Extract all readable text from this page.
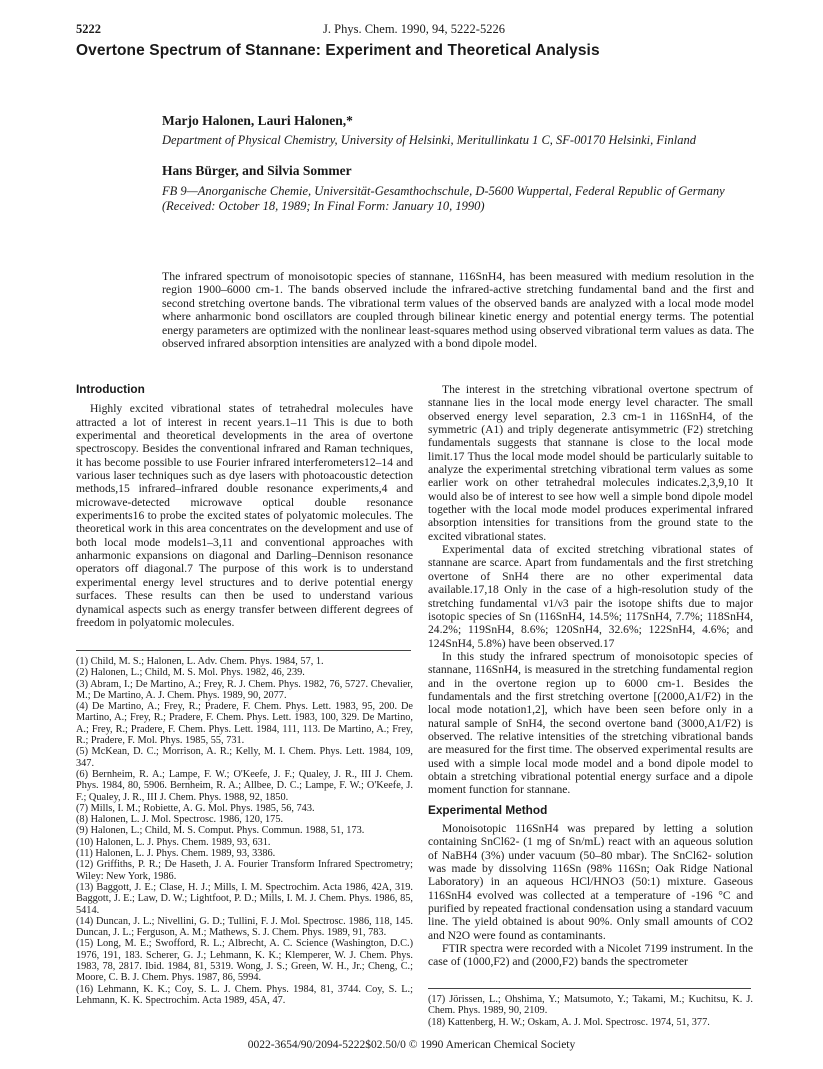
5222	J. Phys. Chem. 1990, 94, 5222-5226
Overtone Spectrum of Stannane: Experiment and Theoretical Analysis
Marjo Halonen, Lauri Halonen,*
Department of Physical Chemistry, University of Helsinki, Meritullinkatu 1 C, SF-00170 Helsinki, Finland
Hans Bürger, and Silvia Sommer
FB 9—Anorganische Chemie, Universität-Gesamthochschule, D-5600 Wuppertal, Federal Republic of Germany
(Received: October 18, 1989; In Final Form: January 10, 1990)
The infrared spectrum of monoisotopic species of stannane, 116SnH4, has been measured with medium resolution in the region 1900–6000 cm-1. The bands observed include the infrared-active stretching fundamental band and the first and second stretching overtone bands. The vibrational term values of the observed bands are analyzed with a local mode model where anharmonic bond oscillators are coupled through bilinear kinetic energy and potential energy terms. The potential energy parameters are optimized with the nonlinear least-squares method using observed vibrational term values as data. The observed infrared absorption intensities are analyzed with a bond dipole model.
Introduction

Highly excited vibrational states of tetrahedral molecules have attracted a lot of interest in recent years.1–11 This is due to both experimental and theoretical developments in the area of overtone spectroscopy. Besides the conventional infrared and Raman techniques, it has become possible to use Fourier infrared interferometers12–14 and various laser techniques such as dye lasers with photoacoustic detection methods,15 infrared–infrared double resonance experiments,4 and microwave-detected microwave optical double resonance experiments16 to probe the excited states of polyatomic molecules. The theoretical work in this area concentrates on the development and use of both local mode models1–3,11 and conventional approaches with anharmonic expansions on diagonal and Darling–Dennison resonance operators off diagonal.7 The purpose of this work is to understand experimental energy level structures and to derive potential energy surfaces. These results can then be used to understand various dynamical aspects such as energy transfer between different degrees of freedom in polyatomic molecules.

(1) Child, M. S.; Halonen, L. Adv. Chem. Phys. 1984, 57, 1.
(2) Halonen, L.; Child, M. S. Mol. Phys. 1982, 46, 239.
(3) Abram, I.; De Martino, A.; Frey, R. J. Chem. Phys. 1982, 76, 5727. Chevalier, M.; De Martino, A. J. Chem. Phys. 1989, 90, 2077.
(4) De Martino, A.; Frey, R.; Pradere, F. Chem. Phys. Lett. 1983, 95, 200. De Martino, A.; Frey, R.; Pradere, F. Chem. Phys. Lett. 1983, 100, 329. De Martino, A.; Frey, R.; Pradere, F. Chem. Phys. Lett. 1984, 111, 113. De Martino, A.; Frey, R.; Pradere, F. Mol. Phys. 1985, 55, 731.
(5) McKean, D. C.; Morrison, A. R.; Kelly, M. I. Chem. Phys. Lett. 1984, 109, 347.
(6) Bernheim, R. A.; Lampe, F. W.; O'Keefe, J. F.; Qualey, J. R., III J. Chem. Phys. 1984, 80, 5906. Bernheim, R. A.; Allbee, D. C.; Lampe, F. W.; O'Keefe, J. F.; Qualey, J. R., III J. Chem. Phys. 1988, 92, 1850.
(7) Mills, I. M.; Robiette, A. G. Mol. Phys. 1985, 56, 743.
(8) Halonen, L. J. Mol. Spectrosc. 1986, 120, 175.
(9) Halonen, L.; Child, M. S. Comput. Phys. Commun. 1988, 51, 173.
(10) Halonen, L. J. Phys. Chem. 1989, 93, 631.
(11) Halonen, L. J. Phys. Chem. 1989, 93, 3386.
(12) Griffiths, P. R.; De Haseth, J. A. Fourier Transform Infrared Spectrometry; Wiley: New York, 1986.
(13) Baggott, J. E.; Clase, H. J.; Mills, I. M. Spectrochim. Acta 1986, 42A, 319. Baggott, J. E.; Law, D. W.; Lightfoot, P. D.; Mills, I. M. J. Chem. Phys. 1986, 85, 5414.
(14) Duncan, J. L.; Nivellini, G. D.; Tullini, F. J. Mol. Spectrosc. 1986, 118, 145. Duncan, J. L.; Ferguson, A. M.; Mathews, S. J. Chem. Phys. 1989, 91, 783.
(15) Long, M. E.; Swofford, R. L.; Albrecht, A. C. Science (Washington, D.C.) 1976, 191, 183. Scherer, G. J.; Lehmann, K. K.; Klemperer, W. J. Chem. Phys. 1983, 78, 2817. Ibid. 1984, 81, 5319. Wong, J. S.; Green, W. H., Jr.; Cheng, C.; Moore, C. B. J. Chem. Phys. 1987, 86, 5994.
(16) Lehmann, K. K.; Coy, S. L. J. Chem. Phys. 1984, 81, 3744. Coy, S. L.; Lehmann, K. K. Spectrochim. Acta 1989, 45A, 47.

The interest in the stretching vibrational overtone spectrum of stannane lies in the local mode energy level character. The small observed energy level separation, 2.3 cm-1 in 116SnH4, of the symmetric (A1) and triply degenerate antisymmetric (F2) stretching fundamentals suggests that stannane is close to the local mode limit.17 Thus the local mode model should be particularly suitable to analyze the experimental stretching vibrational term values as some earlier work on other tetrahedral molecules indicates.2,3,9,10 It would also be of interest to see how well a simple bond dipole model together with the local mode model produces experimental infrared absorption intensities for transitions from the ground state to the excited vibrational states.

Experimental data of excited stretching vibrational states of stannane are scarce. Apart from fundamentals and the first stretching overtone of SnH4 there are no other experimental data available.17,18 Only in the case of a high-resolution study of the stretching fundamental ν1/ν3 pair the isotope shifts due to major isotopic species of Sn (116SnH4, 14.5%; 117SnH4, 7.7%; 118SnH4, 24.2%; 119SnH4, 8.6%; 120SnH4, 32.6%; 122SnH4, 4.6%; and 124SnH4, 5.8%) have been observed.17

In this study the infrared spectrum of monoisotopic species of stannane, 116SnH4, is measured in the stretching fundamental region and in the overtone region up to 6000 cm-1. Besides the fundamentals and the first stretching overtone [(2000,A1/F2) in the local mode notation1,2], which have been seen before only in a natural sample of SnH4, the second overtone band (3000,A1/F2) is observed. The relative intensities of the stretching vibrational bands are measured for the first time. The observed experimental results are used with a simple local mode model and a bond dipole model to obtain a stretching vibrational potential energy surface and a dipole moment function for stannane.

Experimental Method

Monoisotopic 116SnH4 was prepared by letting a solution containing SnCl62- (1 mg of Sn/mL) react with an aqueous solution of NaBH4 (3%) under vacuum (50–80 mbar). The SnCl62- solution was made by dissolving 116Sn (98% 116Sn; Oak Ridge National Laboratory) in an aqueous HCl/HNO3 (50:1) mixture. Gaseous 116SnH4 evolved was collected at a temperature of -196 °C and purified by repeated fractional condensation using a standard vacuum line. The yield obtained is about 90%. Only small amounts of CO2 and N2O were found as contaminants.

FTIR spectra were recorded with a Nicolet 7199 instrument. In the case of (1000,F2) and (2000,F2) bands the spectrometer

(17) Jörissen, L.; Ohshima, Y.; Matsumoto, Y.; Takami, M.; Kuchitsu, K. J. Chem. Phys. 1989, 90, 2109.
(18) Kattenberg, H. W.; Oskam, A. J. Mol. Spectrosc. 1974, 51, 377.
0022-3654/90/2094-5222$02.50/0 © 1990 American Chemical Society
